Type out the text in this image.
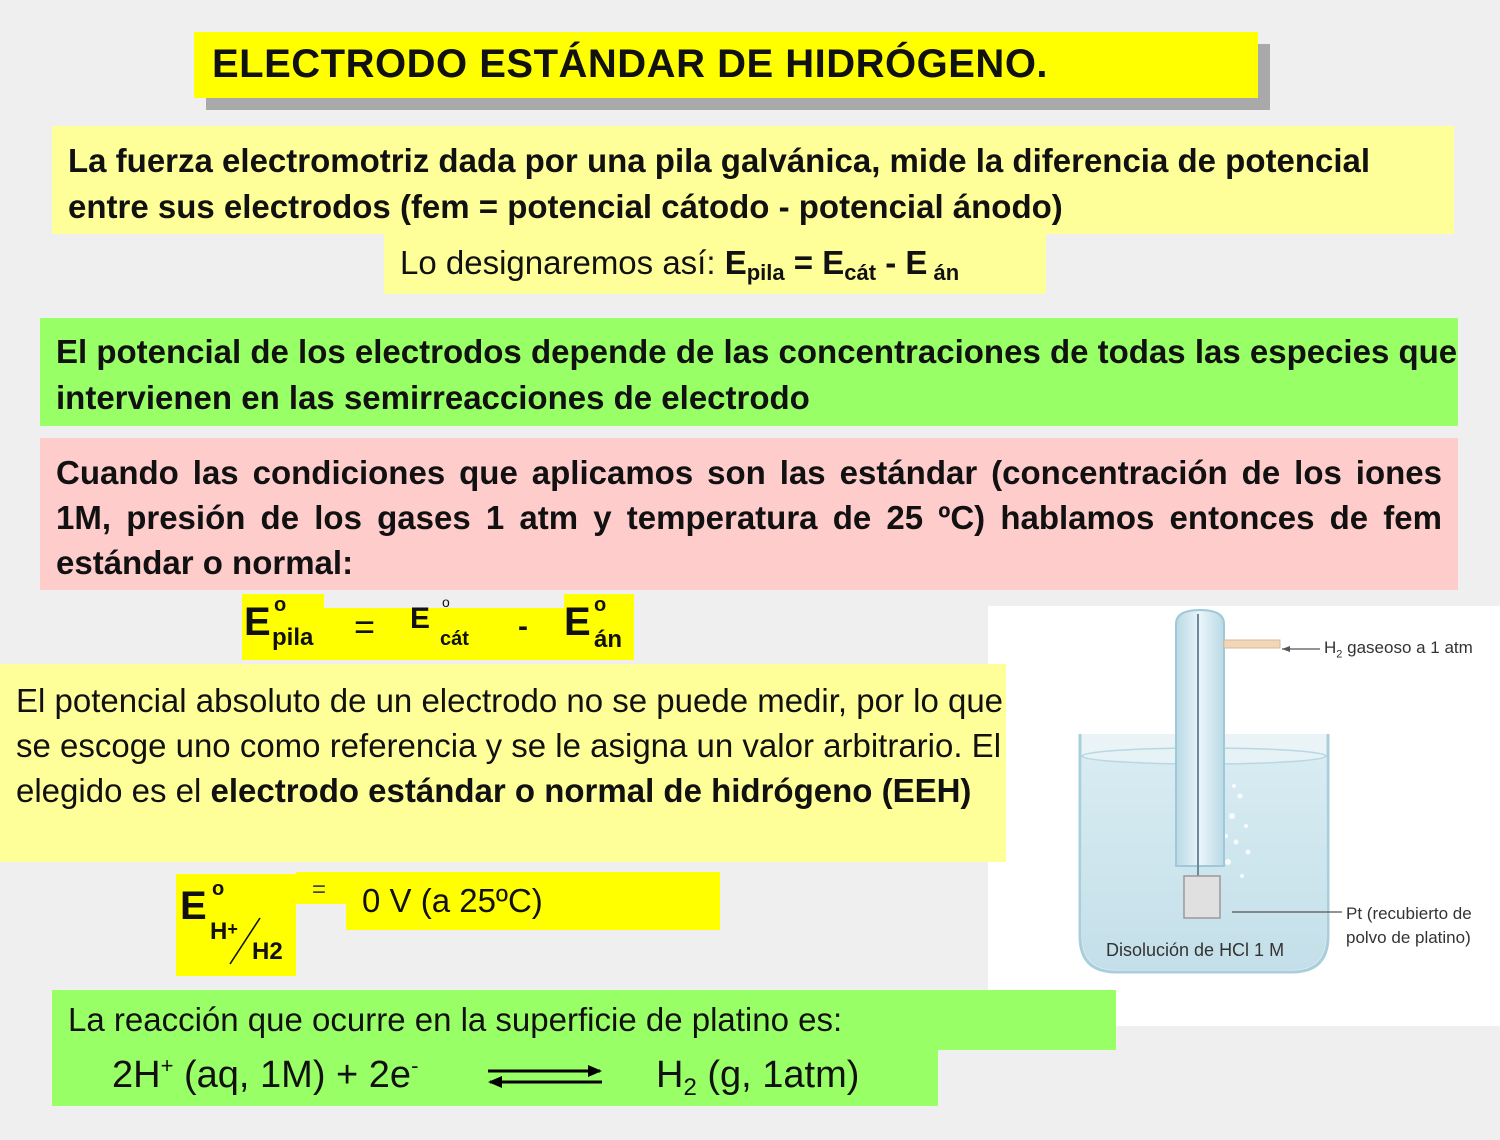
ELECTRODO ESTÁNDAR DE HIDRÓGENO.
La fuerza electromotriz dada por una pila galvánica, mide la diferencia de potencial entre sus electrodos (fem = potencial cátodo - potencial ánodo)
Lo designaremos así: $E_{pila} = E_{cát} - E$ $_{án}$
El potencial de los electrodos depende de las concentraciones de todas las especies que intervienen en las semirreacciones de electrodo
Cuando las condiciones que aplicamos son las estándar (concentración de los iones 1M, presión de los gases 1 atm y temperatura de 25 ºC) hablamos entonces de fem estándar o normal:
E o
pila = E o
cát - E o
án	$H_2$ gaseoso a 1 atm
Pt (recubierto de
polvo de platino)
Disolución de HCl 1 M
El potencial absoluto de un electrodo no se puede medir, por lo que se escoge uno como referencia y se le asigna un valor arbitrario. El elegido es el electrodo estándar o normal de hidrógeno (EEH)
E o
H+
H2
=	0 V (a 25ºC)
La reacción que ocurre en la superficie de platino es:
2H+ (aq, 1M) + 2e- ⇌ $H_2$ (g, 1atm)
